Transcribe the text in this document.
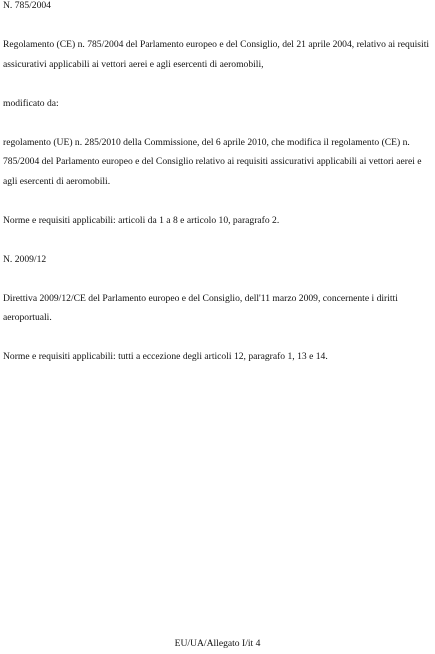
N. 785/2004

Regolamento (CE) n. 785/2004 del Parlamento europeo e del Consiglio, del 21 aprile 2004, relativo ai requisiti assicurativi applicabili ai vettori aerei e agli esercenti di aeromobili,

modificato da:

regolamento (UE) n. 285/2010 della Commissione, del 6 aprile 2010, che modifica il regolamento (CE) n. 785/2004 del Parlamento europeo e del Consiglio relativo ai requisiti assicurativi applicabili ai vettori aerei e agli esercenti di aeromobili.

Norme e requisiti applicabili: articoli da 1 a 8 e articolo 10, paragrafo 2.

N. 2009/12

Direttiva 2009/12/CE del Parlamento europeo e del Consiglio, dell'11 marzo 2009, concernente i diritti aeroportuali.

Norme e requisiti applicabili: tutti a eccezione degli articoli 12, paragrafo 1, 13 e 14.

EU/UA/Allegato I/it 4
